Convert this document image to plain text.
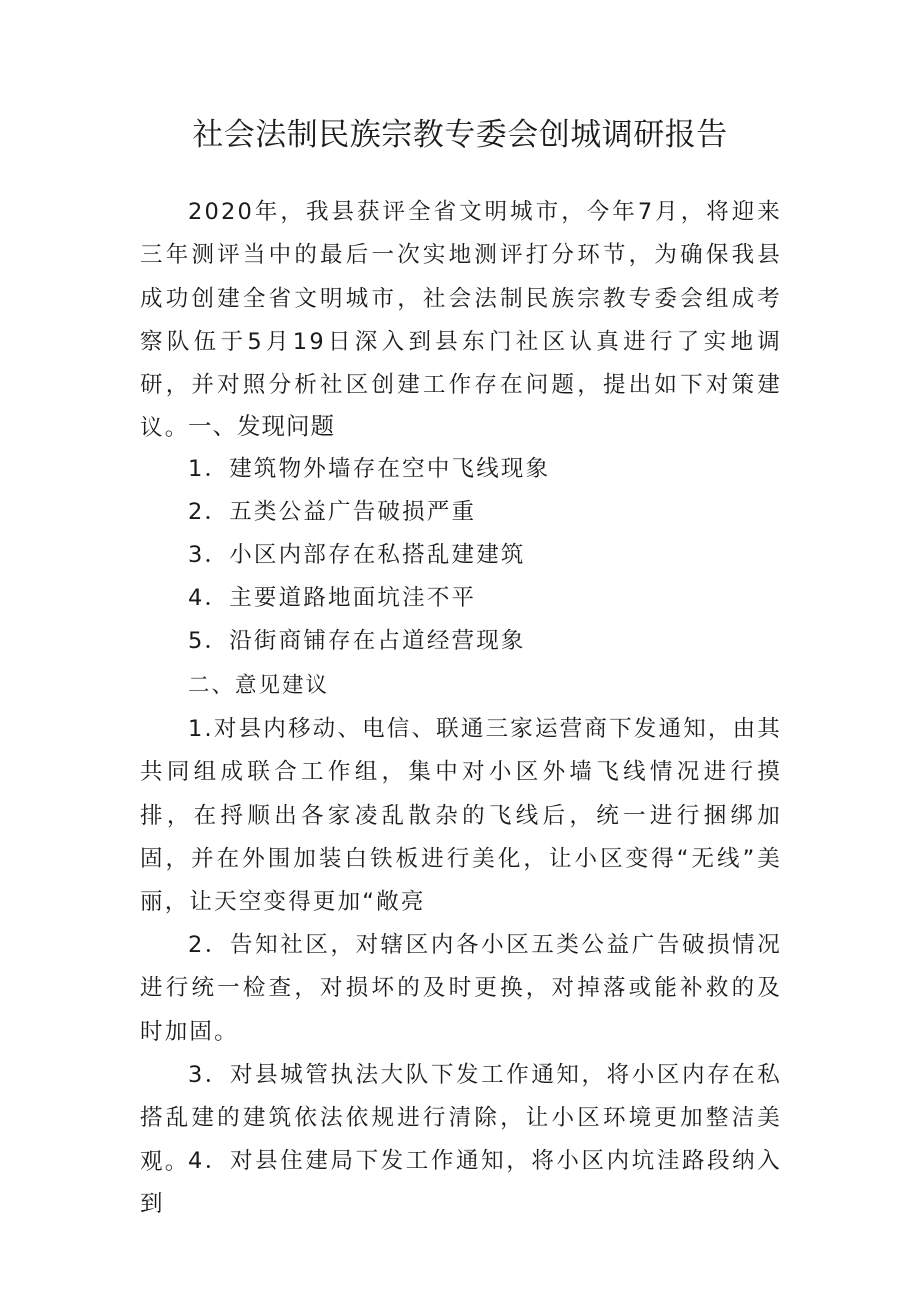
社会法制民族宗教专委会创城调研报告

2020年，我县获评全省文明城市，今年7月，将迎来三年测评当中的最后一次实地测评打分环节，为确保我县成功创建全省文明城市，社会法制民族宗教专委会组成考察队伍于5月19日深入到县东门社区认真进行了实地调研，并对照分析社区创建工作存在问题，提出如下对策建议。

一、发现问题

1．建筑物外墙存在空中飞线现象

2．五类公益广告破损严重

3．小区内部存在私搭乱建建筑

4．主要道路地面坑洼不平

5．沿街商铺存在占道经营现象

二、意见建议

1.对县内移动、电信、联通三家运营商下发通知，由其共同组成联合工作组，集中对小区外墙飞线情况进行摸排，在捋顺出各家凌乱散杂的飞线后，统一进行捆绑加固，并在外围加装白铁板进行美化，让小区变得“无线”美丽，让天空变得更加“敞亮

2．告知社区，对辖区内各小区五类公益广告破损情况进行统一检查，对损坏的及时更换，对掉落或能补救的及时加固。

3．对县城管执法大队下发工作通知，将小区内存在私搭乱建的建筑依法依规进行清除，让小区环境更加整洁美观。

4．对县住建局下发工作通知，将小区内坑洼路段纳入到
